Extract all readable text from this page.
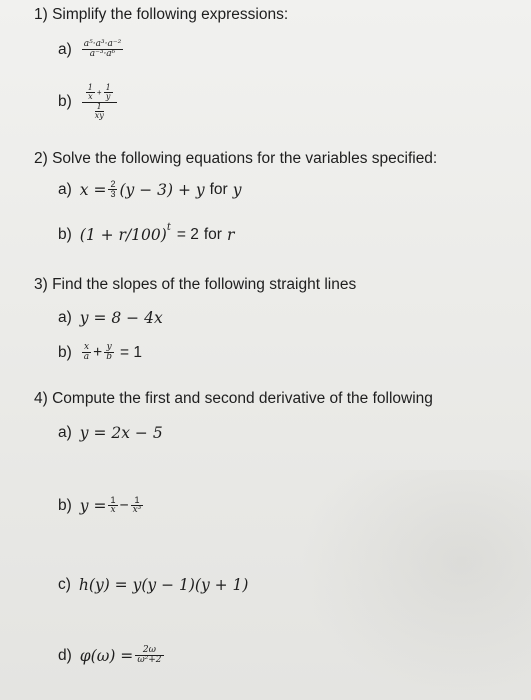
1) Simplify the following expressions:
$a) \frac{\text{a⁵·a³·a⁻²}}{\text{a⁻³·a⁶}}$
$b) \frac{1}{x} + \frac{1}{y}$
1
xy
2) Solve the following equations for the variables specified:
a) $x = \frac{2}{3} (y - 3) + y$ for y
b) $(1 + r/100)^t = 2$ for r
3) Find the slopes of the following straight lines
a) y = 8 − 4x
$b) \frac{x}{a} + \frac{y}{b} = 1$
4) Compute the first and second derivative of the following
a) y = 2x − 5
b) $y = \frac{1}{x} - \frac{1}{\text{x³}}$
c) h(y) = y(y − 1)(y + 1)
d) $\varphi(\omega) = \frac{2\omega}{\text{ω²+2}}$
